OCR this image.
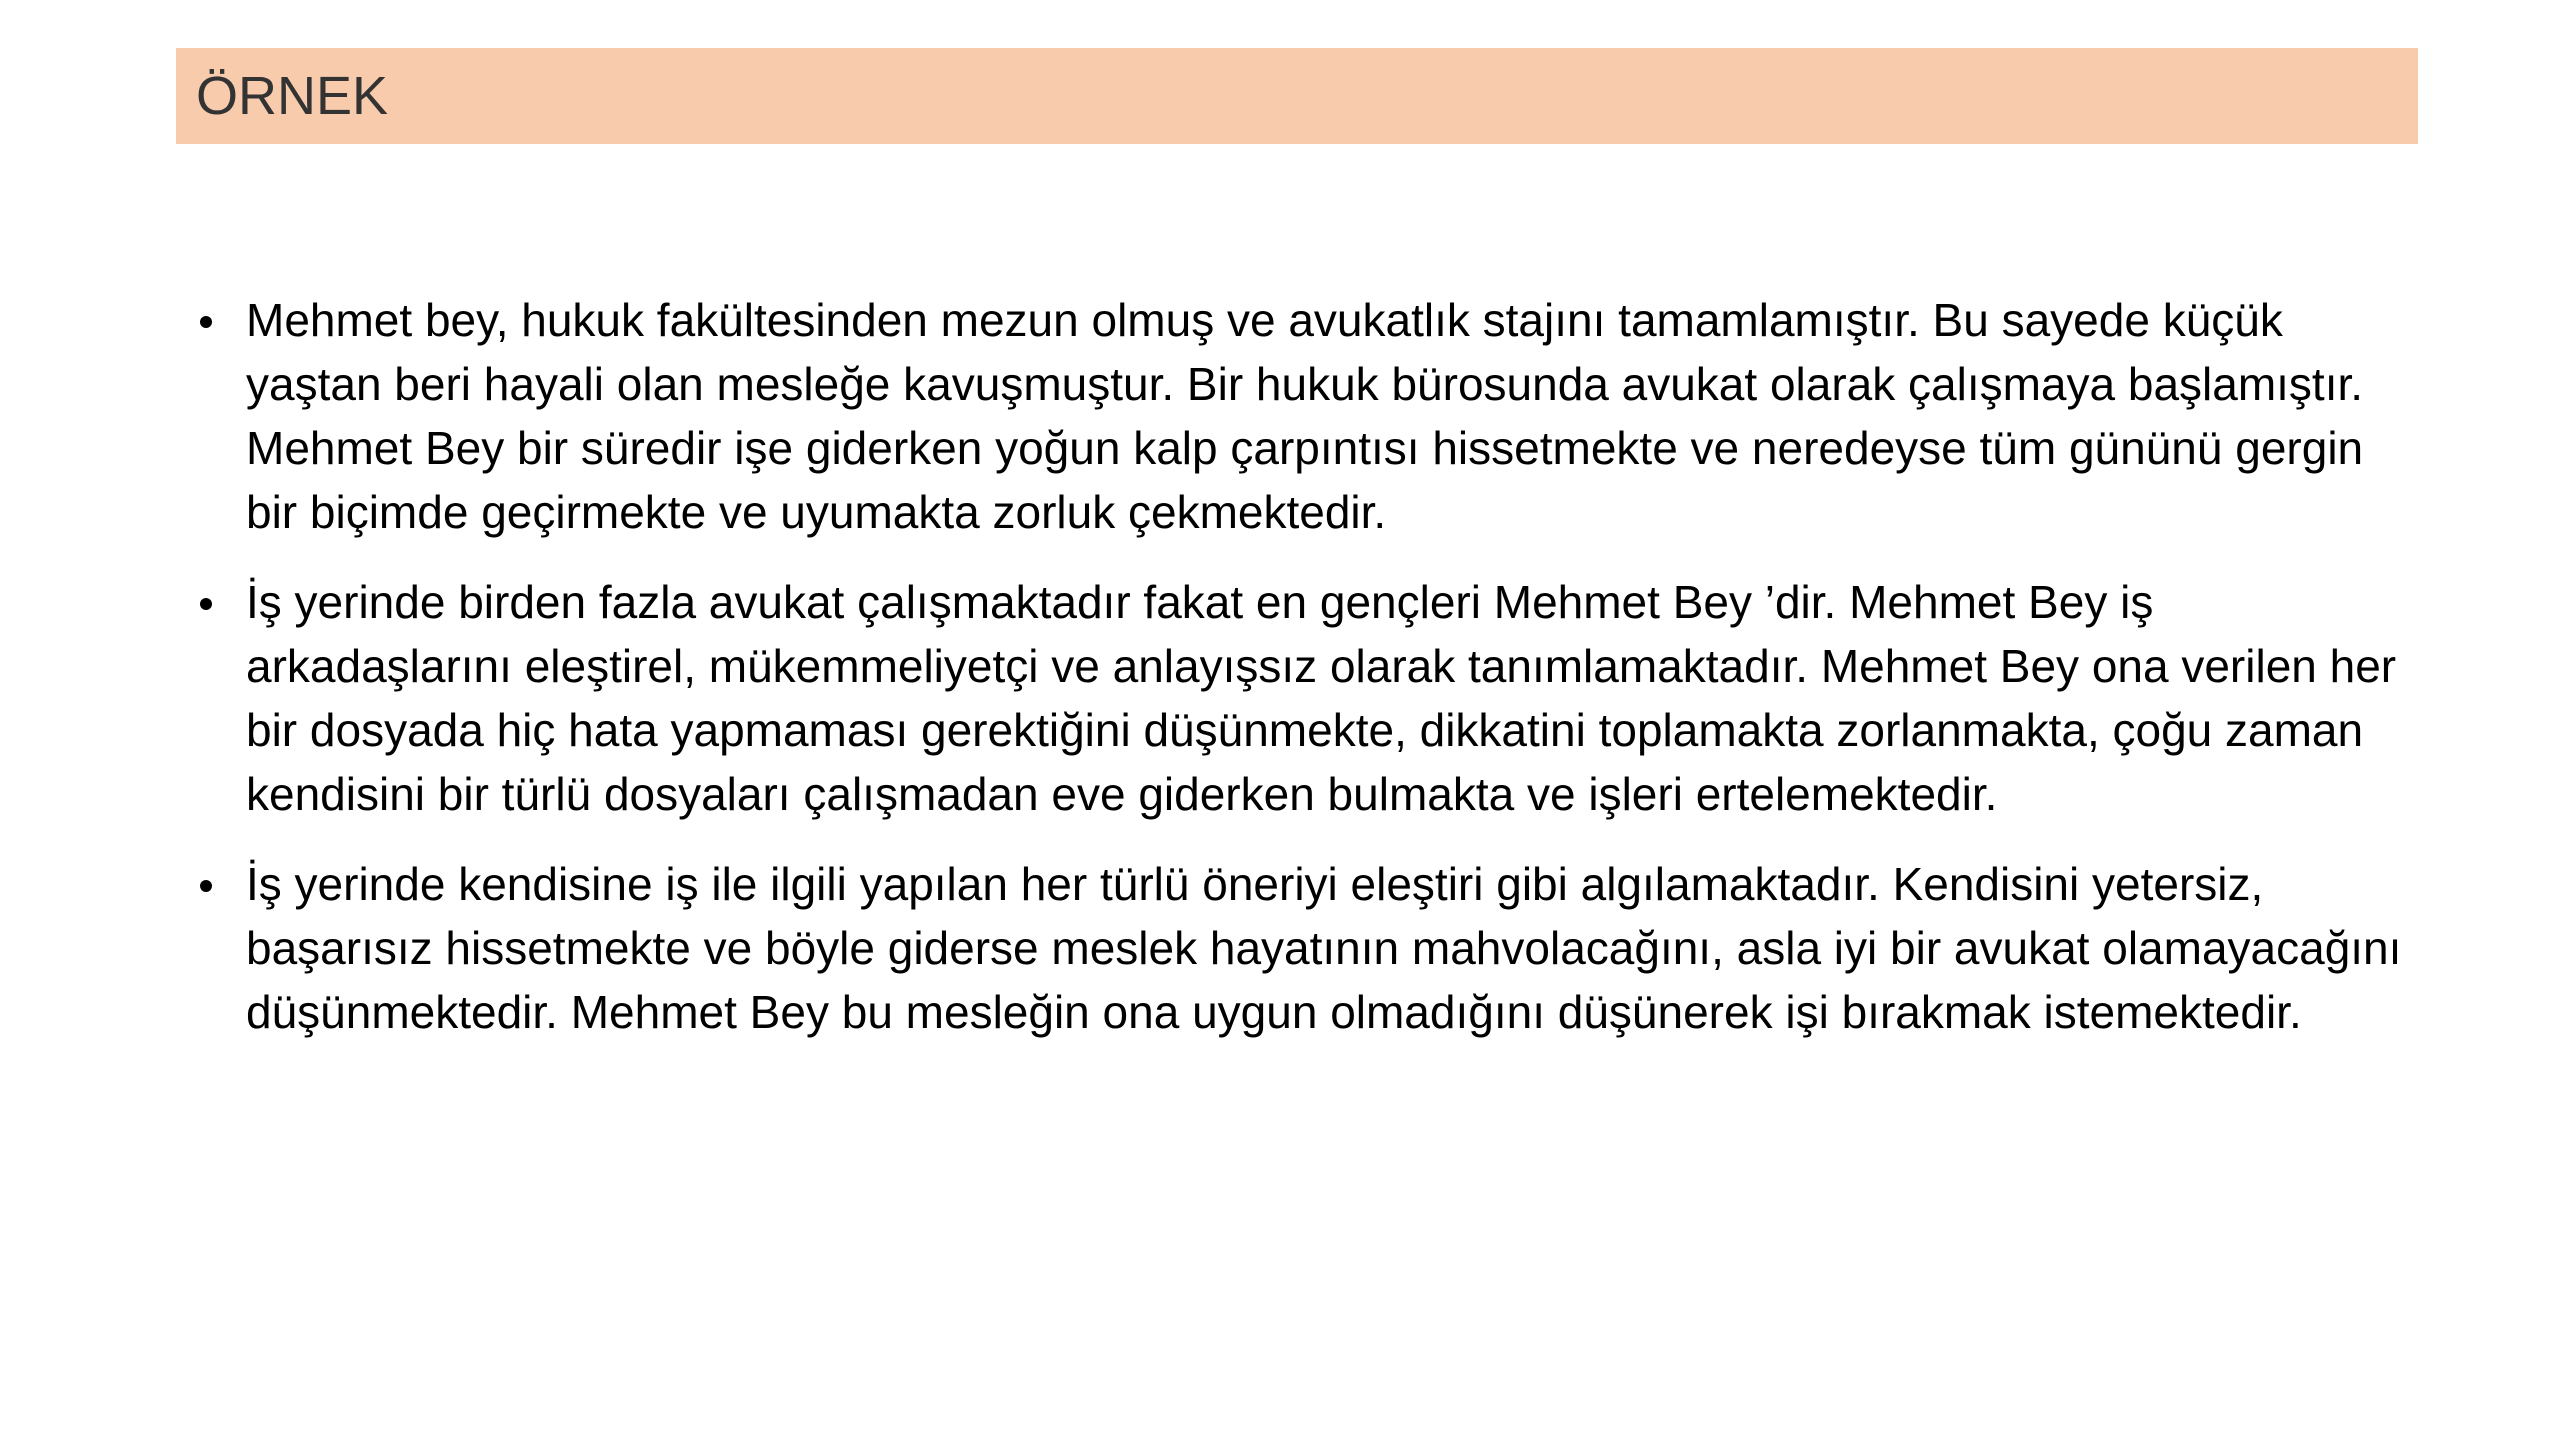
ÖRNEK
Mehmet bey, hukuk fakültesinden mezun olmuş ve avukatlık stajını tamamlamıştır. Bu sayede küçük yaştan beri hayali olan mesleğe kavuşmuştur. Bir hukuk bürosunda avukat olarak çalışmaya başlamıştır. Mehmet Bey bir süredir işe giderken yoğun kalp çarpıntısı hissetmekte ve neredeyse tüm gününü gergin bir biçimde geçirmekte ve uyumakta zorluk çekmektedir.
İş yerinde birden fazla avukat çalışmaktadır fakat en gençleri Mehmet Bey ’dir. Mehmet Bey iş arkadaşlarını eleştirel, mükemmeliyetçi ve anlayışsız olarak tanımlamaktadır. Mehmet Bey ona verilen her bir dosyada hiç hata yapmaması gerektiğini düşünmekte, dikkatini toplamakta zorlanmakta, çoğu zaman kendisini bir türlü dosyaları çalışmadan eve giderken bulmakta ve işleri ertelemektedir.
İş yerinde kendisine iş ile ilgili yapılan her türlü öneriyi eleştiri gibi algılamaktadır. Kendisini yetersiz, başarısız hissetmekte ve böyle giderse meslek hayatının mahvolacağını, asla iyi bir avukat olamayacağını düşünmektedir. Mehmet Bey bu mesleğin ona uygun olmadığını düşünerek işi bırakmak istemektedir.
